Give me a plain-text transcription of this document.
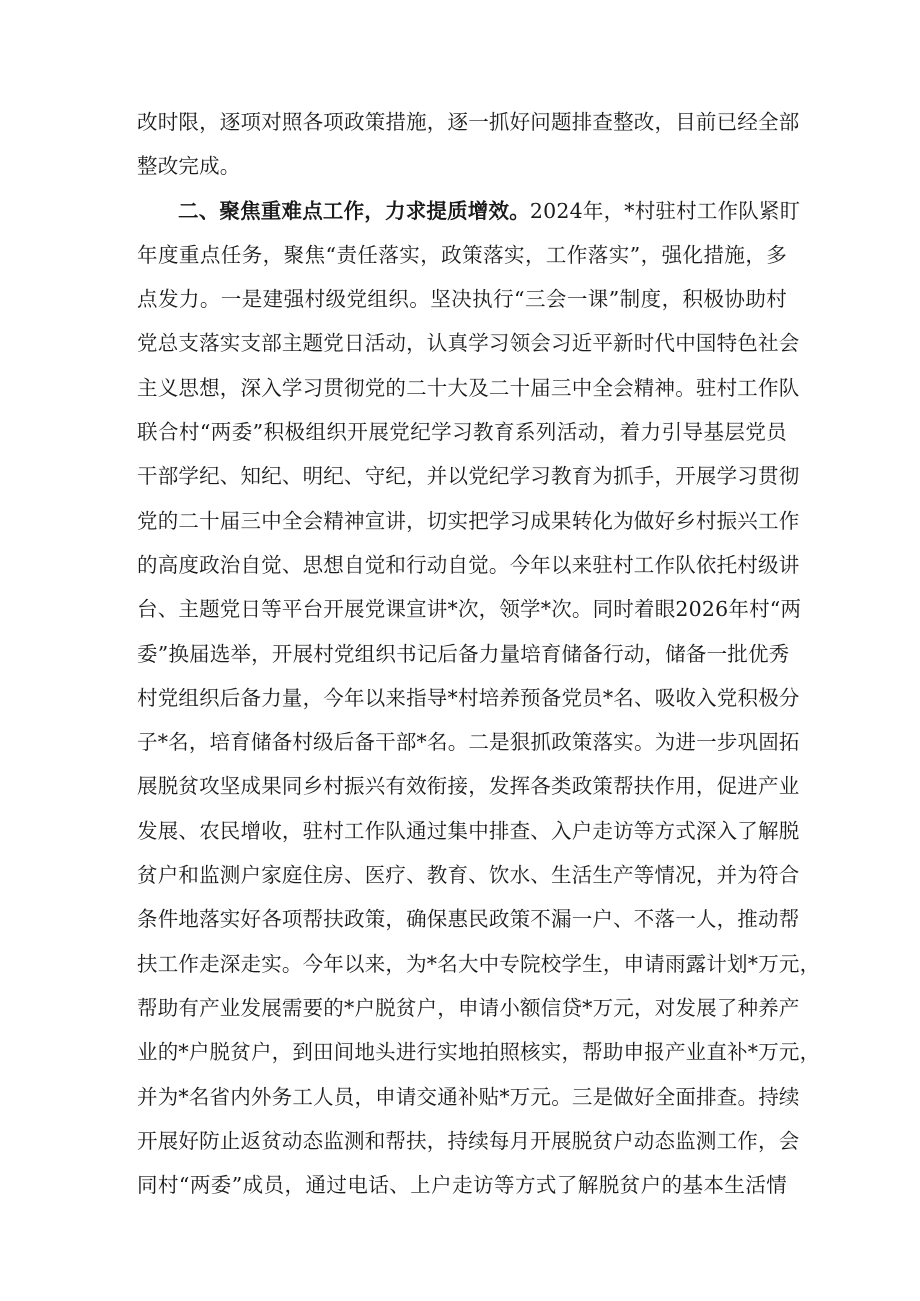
改时限，逐项对照各项政策措施，逐一抓好问题排查整改，目前已经全部
整改完成。
二、聚焦重难点工作，力求提质增效。2024年，*村驻村工作队紧盯
年度重点任务，聚焦“责任落实，政策落实，工作落实”，强化措施，多
点发力。一是建强村级党组织。坚决执行“三会一课”制度，积极协助村
党总支落实支部主题党日活动，认真学习领会习近平新时代中国特色社会
主义思想，深入学习贯彻党的二十大及二十届三中全会精神。驻村工作队
联合村“两委”积极组织开展党纪学习教育系列活动，着力引导基层党员
干部学纪、知纪、明纪、守纪，并以党纪学习教育为抓手，开展学习贯彻
党的二十届三中全会精神宣讲，切实把学习成果转化为做好乡村振兴工作
的高度政治自觉、思想自觉和行动自觉。今年以来驻村工作队依托村级讲
台、主题党日等平台开展党课宣讲*次，领学*次。同时着眼2026年村“两
委”换届选举，开展村党组织书记后备力量培育储备行动，储备一批优秀
村党组织后备力量，今年以来指导*村培养预备党员*名、吸收入党积极分
子*名，培育储备村级后备干部*名。二是狠抓政策落实。为进一步巩固拓
展脱贫攻坚成果同乡村振兴有效衔接，发挥各类政策帮扶作用，促进产业
发展、农民增收，驻村工作队通过集中排查、入户走访等方式深入了解脱
贫户和监测户家庭住房、医疗、教育、饮水、生活生产等情况，并为符合
条件地落实好各项帮扶政策，确保惠民政策不漏一户、不落一人，推动帮
扶工作走深走实。今年以来，为*名大中专院校学生，申请雨露计划*万元，
帮助有产业发展需要的*户脱贫户，申请小额信贷*万元，对发展了种养产
业的*户脱贫户，到田间地头进行实地拍照核实，帮助申报产业直补*万元，
并为*名省内外务工人员，申请交通补贴*万元。三是做好全面排查。持续
开展好防止返贫动态监测和帮扶，持续每月开展脱贫户动态监测工作，会
同村“两委”成员，通过电话、上户走访等方式了解脱贫户的基本生活情
